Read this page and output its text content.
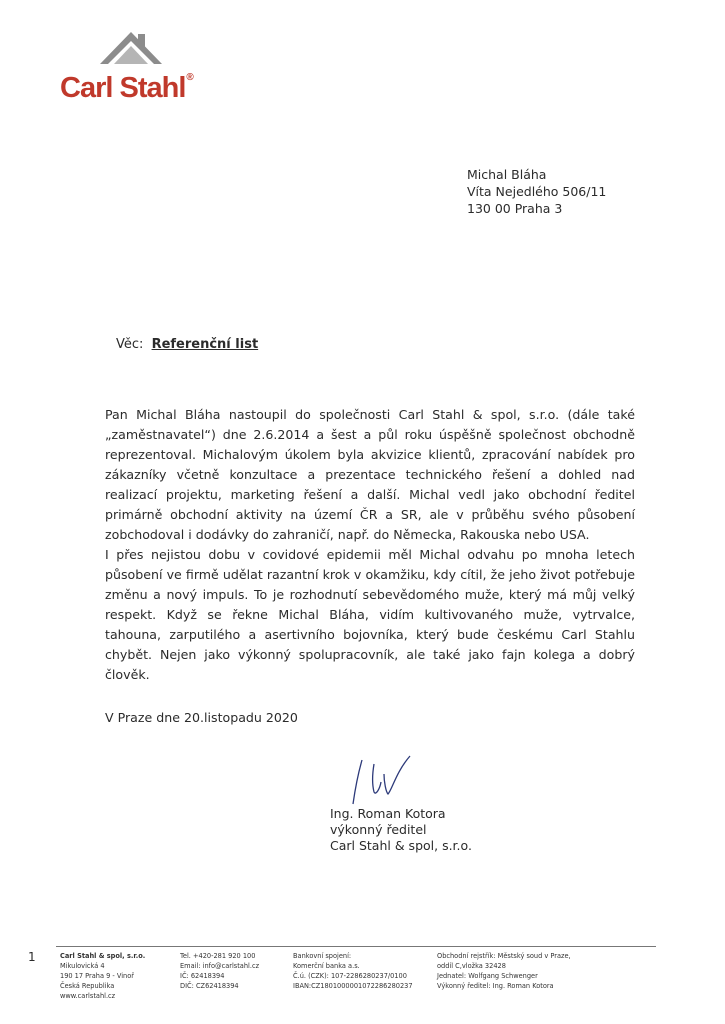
Carl Stahl®
Michal Bláha
Víta Nejedlého 506/11
130 00 Praha 3
Věc: Referenční list

Pan Michal Bláha nastoupil do společnosti Carl Stahl & spol, s.r.o. (dále také „zaměstnavatel“) dne 2.6.2014 a šest a půl roku úspěšně společnost obchodně reprezentoval. Michalovým úkolem byla akvizice klientů, zpracování nabídek pro zákazníky včetně konzultace a prezentace technického řešení a dohled nad realizací projektu, marketing řešení a další. Michal vedl jako obchodní ředitel primárně obchodní aktivity na území ČR a SR, ale v průběhu svého působení zobchodoval i dodávky do zahraničí, např. do Německa, Rakouska nebo USA.

I přes nejistou dobu v covidové epidemii měl Michal odvahu po mnoha letech působení ve firmě udělat razantní krok v okamžiku, kdy cítil, že jeho život potřebuje změnu a nový impuls. To je rozhodnutí sebevědomého muže, který má můj velký respekt. Když se řekne Michal Bláha, vidím kultivovaného muže, vytrvalce, tahouna, zarputilého a asertivního bojovníka, který bude českému Carl Stahlu chybět. Nejen jako výkonný spolupracovník, ale také jako fajn kolega a dobrý člověk.

V Praze dne 20.listopadu 2020
Ing. Roman Kotora
výkonný ředitel
Carl Stahl & spol, s.r.o.
1	Carl Stahl & spol, s.r.o.
Mikulovická 4
190 17 Praha 9 - Vinoř
Česká Republika
www.carlstahl.cz
Tel. +420-281 920 100
Email: info@carlstahl.cz
IČ: 62418394
DIČ: CZ62418394
Bankovní spojení:
Komerční banka a.s.
Č.ú. (CZK): 107-2286280237/0100
IBAN:CZ1801000001072286280237
Obchodní rejstřík: Městský soud v Praze,
oddíl C,vložka 32428
Jednatel: Wolfgang Schwenger
Výkonný ředitel: Ing. Roman Kotora
